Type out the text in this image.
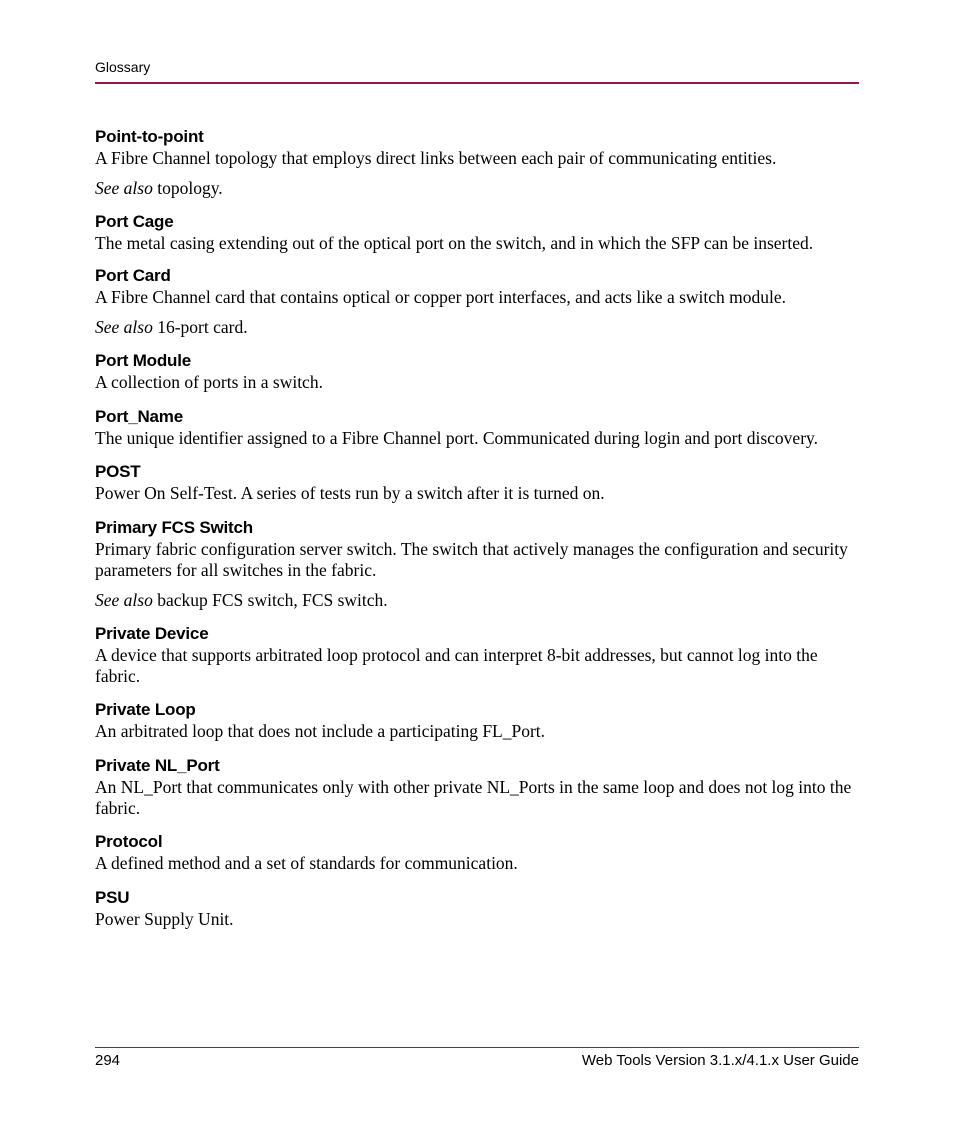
Glossary
Point-to-point

A Fibre Channel topology that employs direct links between each pair of communicating entities.

See also topology.
Port Cage

The metal casing extending out of the optical port on the switch, and in which the SFP can be inserted.

Port Card

A Fibre Channel card that contains optical or copper port interfaces, and acts like a switch module.

See also 16-port card.
Port Module

A collection of ports in a switch.

Port_Name

The unique identifier assigned to a Fibre Channel port. Communicated during login and port discovery.

POST

Power On Self-Test. A series of tests run by a switch after it is turned on.

Primary FCS Switch

Primary fabric configuration server switch. The switch that actively manages the configuration and security parameters for all switches in the fabric.

See also backup FCS switch, FCS switch.
Private Device

A device that supports arbitrated loop protocol and can interpret 8-bit addresses, but cannot log into the fabric.

Private Loop

An arbitrated loop that does not include a participating FL_Port.

Private NL_Port

An NL_Port that communicates only with other private NL_Ports in the same loop and does not log into the fabric.

Protocol

A defined method and a set of standards for communication.

PSU

Power Supply Unit.

294	Web Tools Version 3.1.x/4.1.x User Guide
